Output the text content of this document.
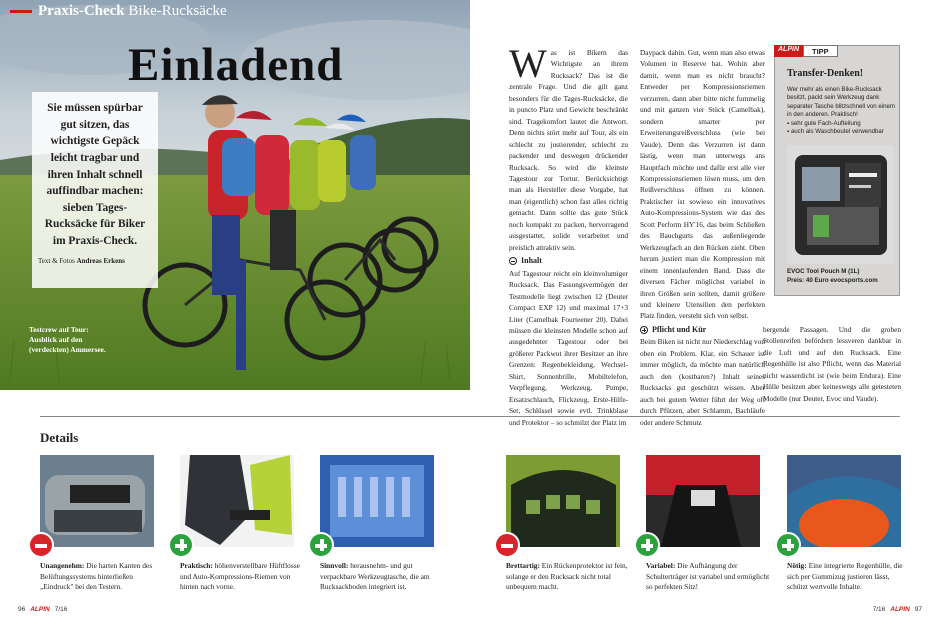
Praxis-Check Bike-Rucksäcke
Einladend
Sie müssen spürbar gut sitzen, das wichtigste Gepäck leicht tragbar und ihren Inhalt schnell auffindbar machen: sieben Tages-Rucksäcke für Biker im Praxis-Check.
Text & Fotos Andreas Erkens
Testcrew auf Tour: Ausblick auf den (verdeckten) Ammersee.
W as ist Bikern das Wichtigste an ihrem Rucksack? Das ist die zentrale Frage. Und die gilt ganz besonders für die Tages-Rucksäcke, die in puncto Platz und Gewicht beschränkt sind. Tragekomfort lautet die Antwort. Denn nichts stört mehr auf Tour, als ein schlecht zu justierender, schlecht zu packender und deswegen drückender Rucksack. So wird die kleinste Tagestour zur Tortur. Berücksichtigt man als Hersteller diese Vorgabe, hat man (eigentlich) schon fast alles richtig gemacht. Dann sollte das gute Stück noch kompakt zu packen, hervorragend ausgestattet, solide verarbeitet und preislich attraktiv sein.
Inhalt
Auf Tagestour reicht ein kleinvolumiger Rucksack. Das Fassungsvermögen der Testmodelle liegt zwischen 12 (Deuter Compact EXP 12) und maximal 17+3 Liter (Camelbak Fourteener 20). Dabei müssen die kleinsten Modelle schon auf ausgedehnter Tagestour oder bei größerer Packwut ihrer Besitzer an ihre Grenzen: Regenbekleidung, Wechsel-Shirt, Sonnenbrille, Mobiltelefon, Verpflegung, Werkzeug, Pumpe, Ersatzschlauch, Flickzeug, Erste-Hilfe-Set, Schlüssel sowie evtl. Trinkblase und Protektor – so schmilzt der Platz im
Daypack dahin. Gut, wenn man also etwas Volumen in Reserve hat. Wohin aber damit, wenn man es nicht braucht? Entweder per Kompressionsriemen verzurren, dann aber bitte nicht fummelig und mit ganzen vier Stück (Camelbak), sondern smarter per Erweiterungsreißverschluss (wie bei Vaude). Denn das Verzurren ist dann lästig, wenn man unterwegs ans Hauptfach möchte und dafür erst alle vier Kompressionsriemen lösen muss, um den Reißverschluss öffnen zu können. Praktischer ist sowieso ein innovatives Auto-Kompressions-System wie das des Scott Perform HY'16, das beim Schließen des Bauchgurts das außenliegende Werkzeugfach an den Rücken zieht. Oben herum justiert man die Kompression mit einem innenlaufenden Band. Dass die diversen Fächer möglichst variabel in ihren Größen sein sollten, damit größere und kleinere Utensilien den perfekten Platz finden, versteht sich von selbst.
Pflicht und Kür
Beim Biken ist nicht nur Niederschlag von oben ein Problem. Klar, ein Schauer ist immer möglich, da möchte man natürlich auch den (kostbaren?) Inhalt seines Rucksacks gut geschützt wissen. Aber auch bei gutem Wetter führt der Weg oft durch Pfützen, aber Schlamm, Bachläufe oder andere Schmutz
bergende Passagen. Und die groben Stollenreifen befördern lessveren dankbar in die Luft und auf den Rucksack. Eine Regenhülle ist also Pflicht, wenn das Material nicht wasserdicht ist (wie beim Endura). Eine Hülle besitzen aber keineswegs alle getesteten Modelle (nur Deuter, Evoc und Vaude).
ALPIN	TIPP
Transfer-Denken!
Wer mehr als einen Bike-Rucksack besitzt, packt sein Werkzeug dank separater Tasche blitzschnell von einem in den anderen. Praktisch!
▪ sehr gute Fach-Aufteilung
▪ auch als Waschbeutel verwendbar
EVOC Tool Pouch M (1L)
Preis: 40 Euro evocsports.com
Details
Unangenehm: Die harten Kanten des Belüftungssystems hinterließen „Eindruck" bei den Testern.
Praktisch: höhenverstellbare Hüftflosse und Auto-Kompressions-Riemen von hinten nach vorne.
Sinnvoll: herausnehm- und gut verpackbare Werkzeugtasche, die am Rucksackboden integriert ist.
Brettartig: Ein Rückenprotektor ist fein, solange er den Rucksack nicht total unbequem macht.
Variabel: Die Aufhängung der Schulterträger ist variabel und ermöglicht so perfekten Sitz!
Nötig: Eine integrierte Regenhülle, die sich per Gummizug justieren lässt, schützt wertvolle Inhalte.
96 ALPIN 7/16	7/16 ALPIN 97
